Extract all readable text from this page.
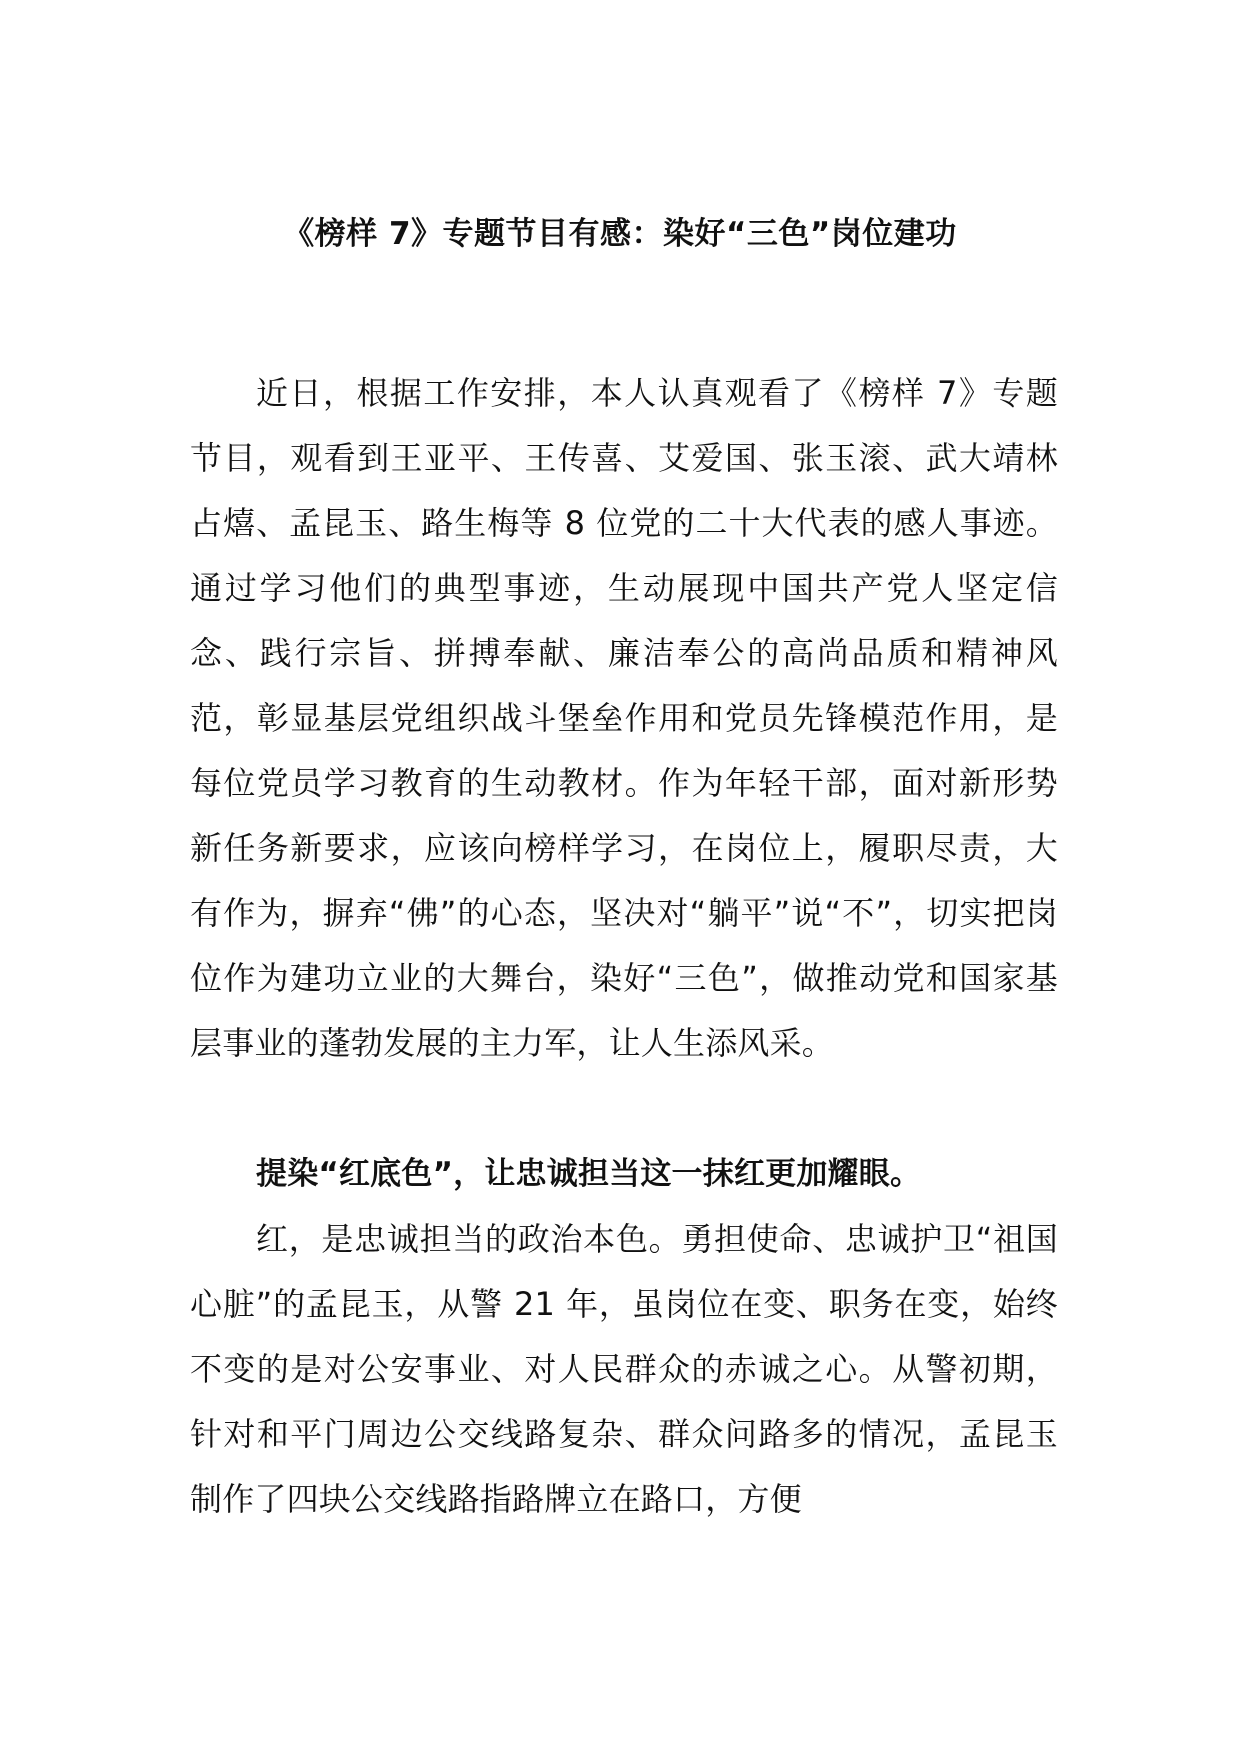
《榜样 7》专题节目有感：染好“三色”岗位建功

近日，根据工作安排，本人认真观看了《榜样 7》专题节目，观看到王亚平、王传喜、艾爱国、张玉滚、武大靖林占熺、孟昆玉、路生梅等 8 位党的二十大代表的感人事迹。通过学习他们的典型事迹，生动展现中国共产党人坚定信念、践行宗旨、拼搏奉献、廉洁奉公的高尚品质和精神风范，彰显基层党组织战斗堡垒作用和党员先锋模范作用，是每位党员学习教育的生动教材。作为年轻干部，面对新形势新任务新要求，应该向榜样学习，在岗位上，履职尽责，大有作为，摒弃“佛”的心态，坚决对“躺平”说“不”，切实把岗位作为建功立业的大舞台，染好“三色”，做推动党和国家基层事业的蓬勃发展的主力军，让人生添风采。

提染“红底色”，让忠诚担当这一抹红更加耀眼。

红，是忠诚担当的政治本色。勇担使命、忠诚护卫“祖国心脏”的孟昆玉，从警 21 年，虽岗位在变、职务在变，始终不变的是对公安事业、对人民群众的赤诚之心。从警初期，针对和平门周边公交线路复杂、群众问路多的情况，孟昆玉制作了四块公交线路指路牌立在路口，方便
